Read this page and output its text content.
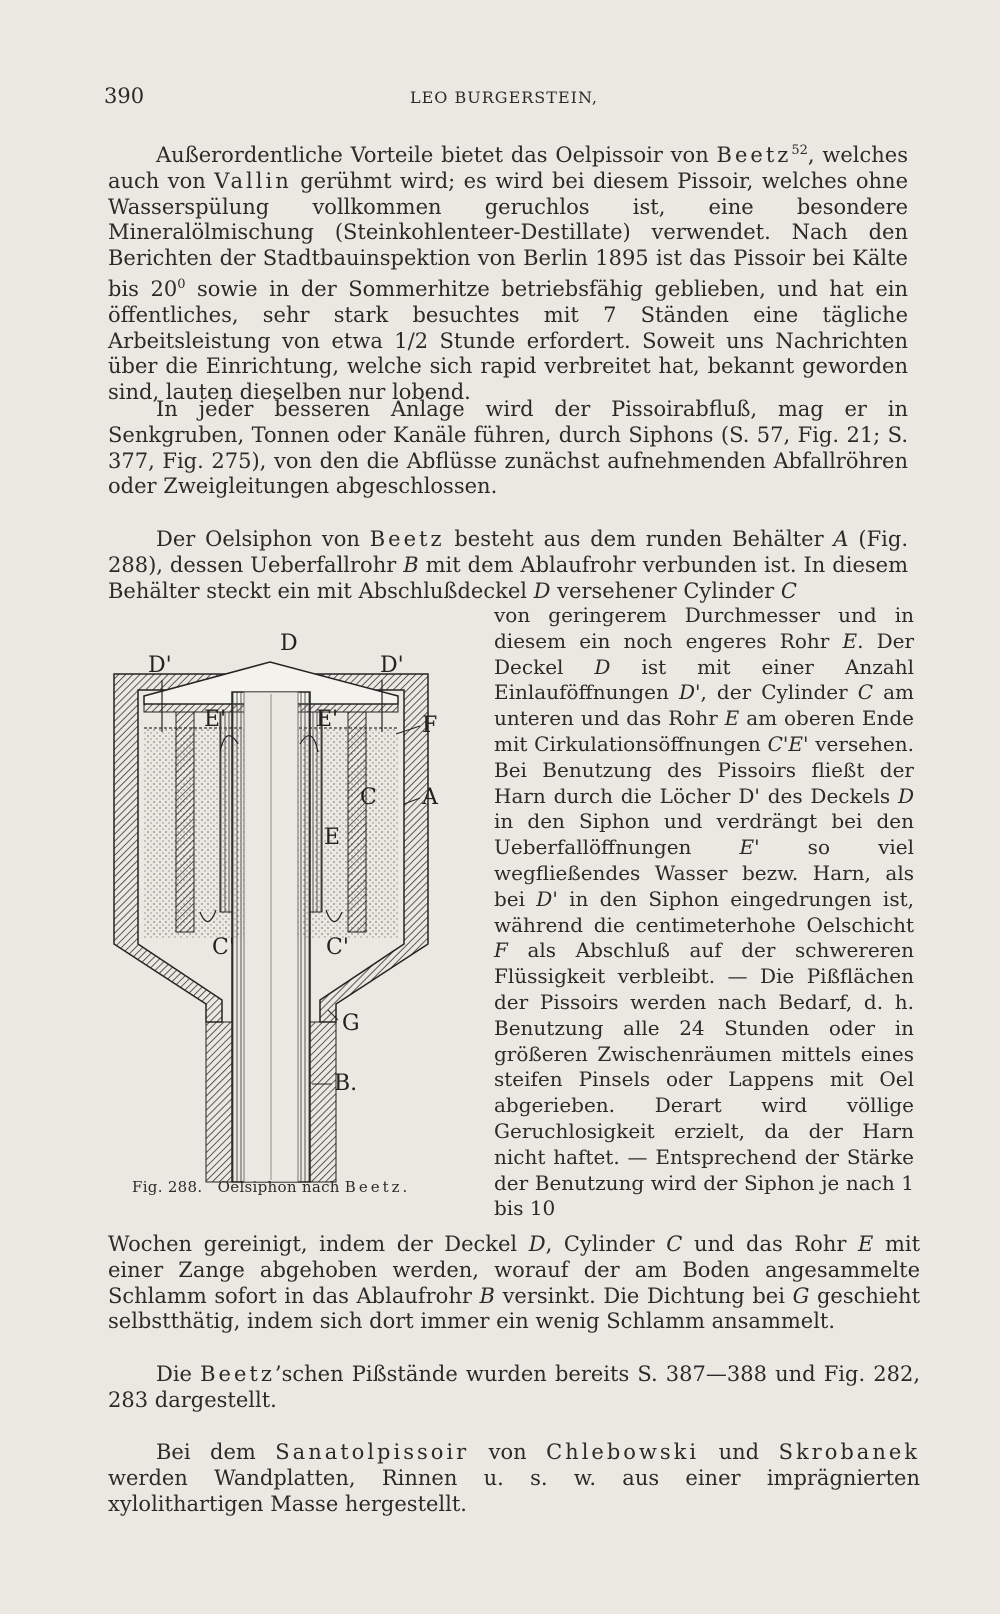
390	LEO BURGERSTEIN,
Außerordentliche Vorteile bietet das Oelpissoir von Beetz$^{52}$, welches auch von Vallin gerühmt wird; es wird bei diesem Pissoir, welches ohne Wasserspülung vollkommen geruchlos ist, eine besondere Mineralölmischung (Steinkohlenteer-Destillate) verwendet. Nach den Berichten der Stadtbauinspektion von Berlin 1895 ist das Pissoir bei Kälte bis $20^0$ sowie in der Sommerhitze betriebsfähig geblieben, und hat ein öffentliches, sehr stark besuchtes mit 7 Ständen eine tägliche Arbeitsleistung von etwa 1/2 Stunde erfordert. Soweit uns Nachrichten über die Einrichtung, welche sich rapid verbreitet hat, bekannt geworden sind, lauten dieselben nur lobend.
In jeder besseren Anlage wird der Pissoirabfluß, mag er in Senkgruben, Tonnen oder Kanäle führen, durch Siphons (S. 57, Fig. 21; S. 377, Fig. 275), von den die Abflüsse zunächst aufnehmenden Abfallröhren oder Zweigleitungen abgeschlossen.
Der Oelsiphon von Beetz besteht aus dem runden Behälter A (Fig. 288), dessen Ueberfallrohr B mit dem Ablaufrohr verbunden ist. In diesem Behälter steckt ein mit Abschlußdeckel D versehener Cylinder C
von geringerem Durchmesser und in diesem ein noch engeres Rohr E. Der Deckel D ist mit einer Anzahl Einlauföffnungen D', der Cylinder C am unteren und das Rohr E am oberen Ende mit Cirkulationsöffnungen C'E' versehen. Bei Benutzung des Pissoirs fließt der Harn durch die Löcher D' des Deckels D in den Siphon und verdrängt bei den Ueberfallöffnungen E' so viel wegfließendes Wasser bezw. Harn, als bei D' in den Siphon eingedrungen ist, während die centimeterhohe Oelschicht F als Abschluß auf der schwereren Flüssigkeit verbleibt. — Die Pißflächen der Pissoirs werden nach Bedarf, d. h. Benutzung alle 24 Stunden oder in größeren Zwischenräumen mittels eines steifen Pinsels oder Lappens mit Oel abgerieben. Derart wird völlige Geruchlosigkeit erzielt, da der Harn nicht haftet. — Entsprechend der Stärke der Benutzung wird der Siphon je nach 1 bis 10
D
D'	D'
E'	E'	F
A
C
E
C'	C'
G
B.
Fig. 288. Oelsiphon nach Beetz.
Wochen gereinigt, indem der Deckel D, Cylinder C und das Rohr E mit einer Zange abgehoben werden, worauf der am Boden angesammelte Schlamm sofort in das Ablaufrohr B versinkt. Die Dichtung bei G geschieht selbstthätig, indem sich dort immer ein wenig Schlamm ansammelt.
Die Beetz’schen Pißstände wurden bereits S. 387—388 und Fig. 282, 283 dargestellt.
Bei dem Sanatolpissoir von Chlebowski und Skrobanek werden Wandplatten, Rinnen u. s. w. aus einer imprägnierten xylolithartigen Masse hergestellt.
